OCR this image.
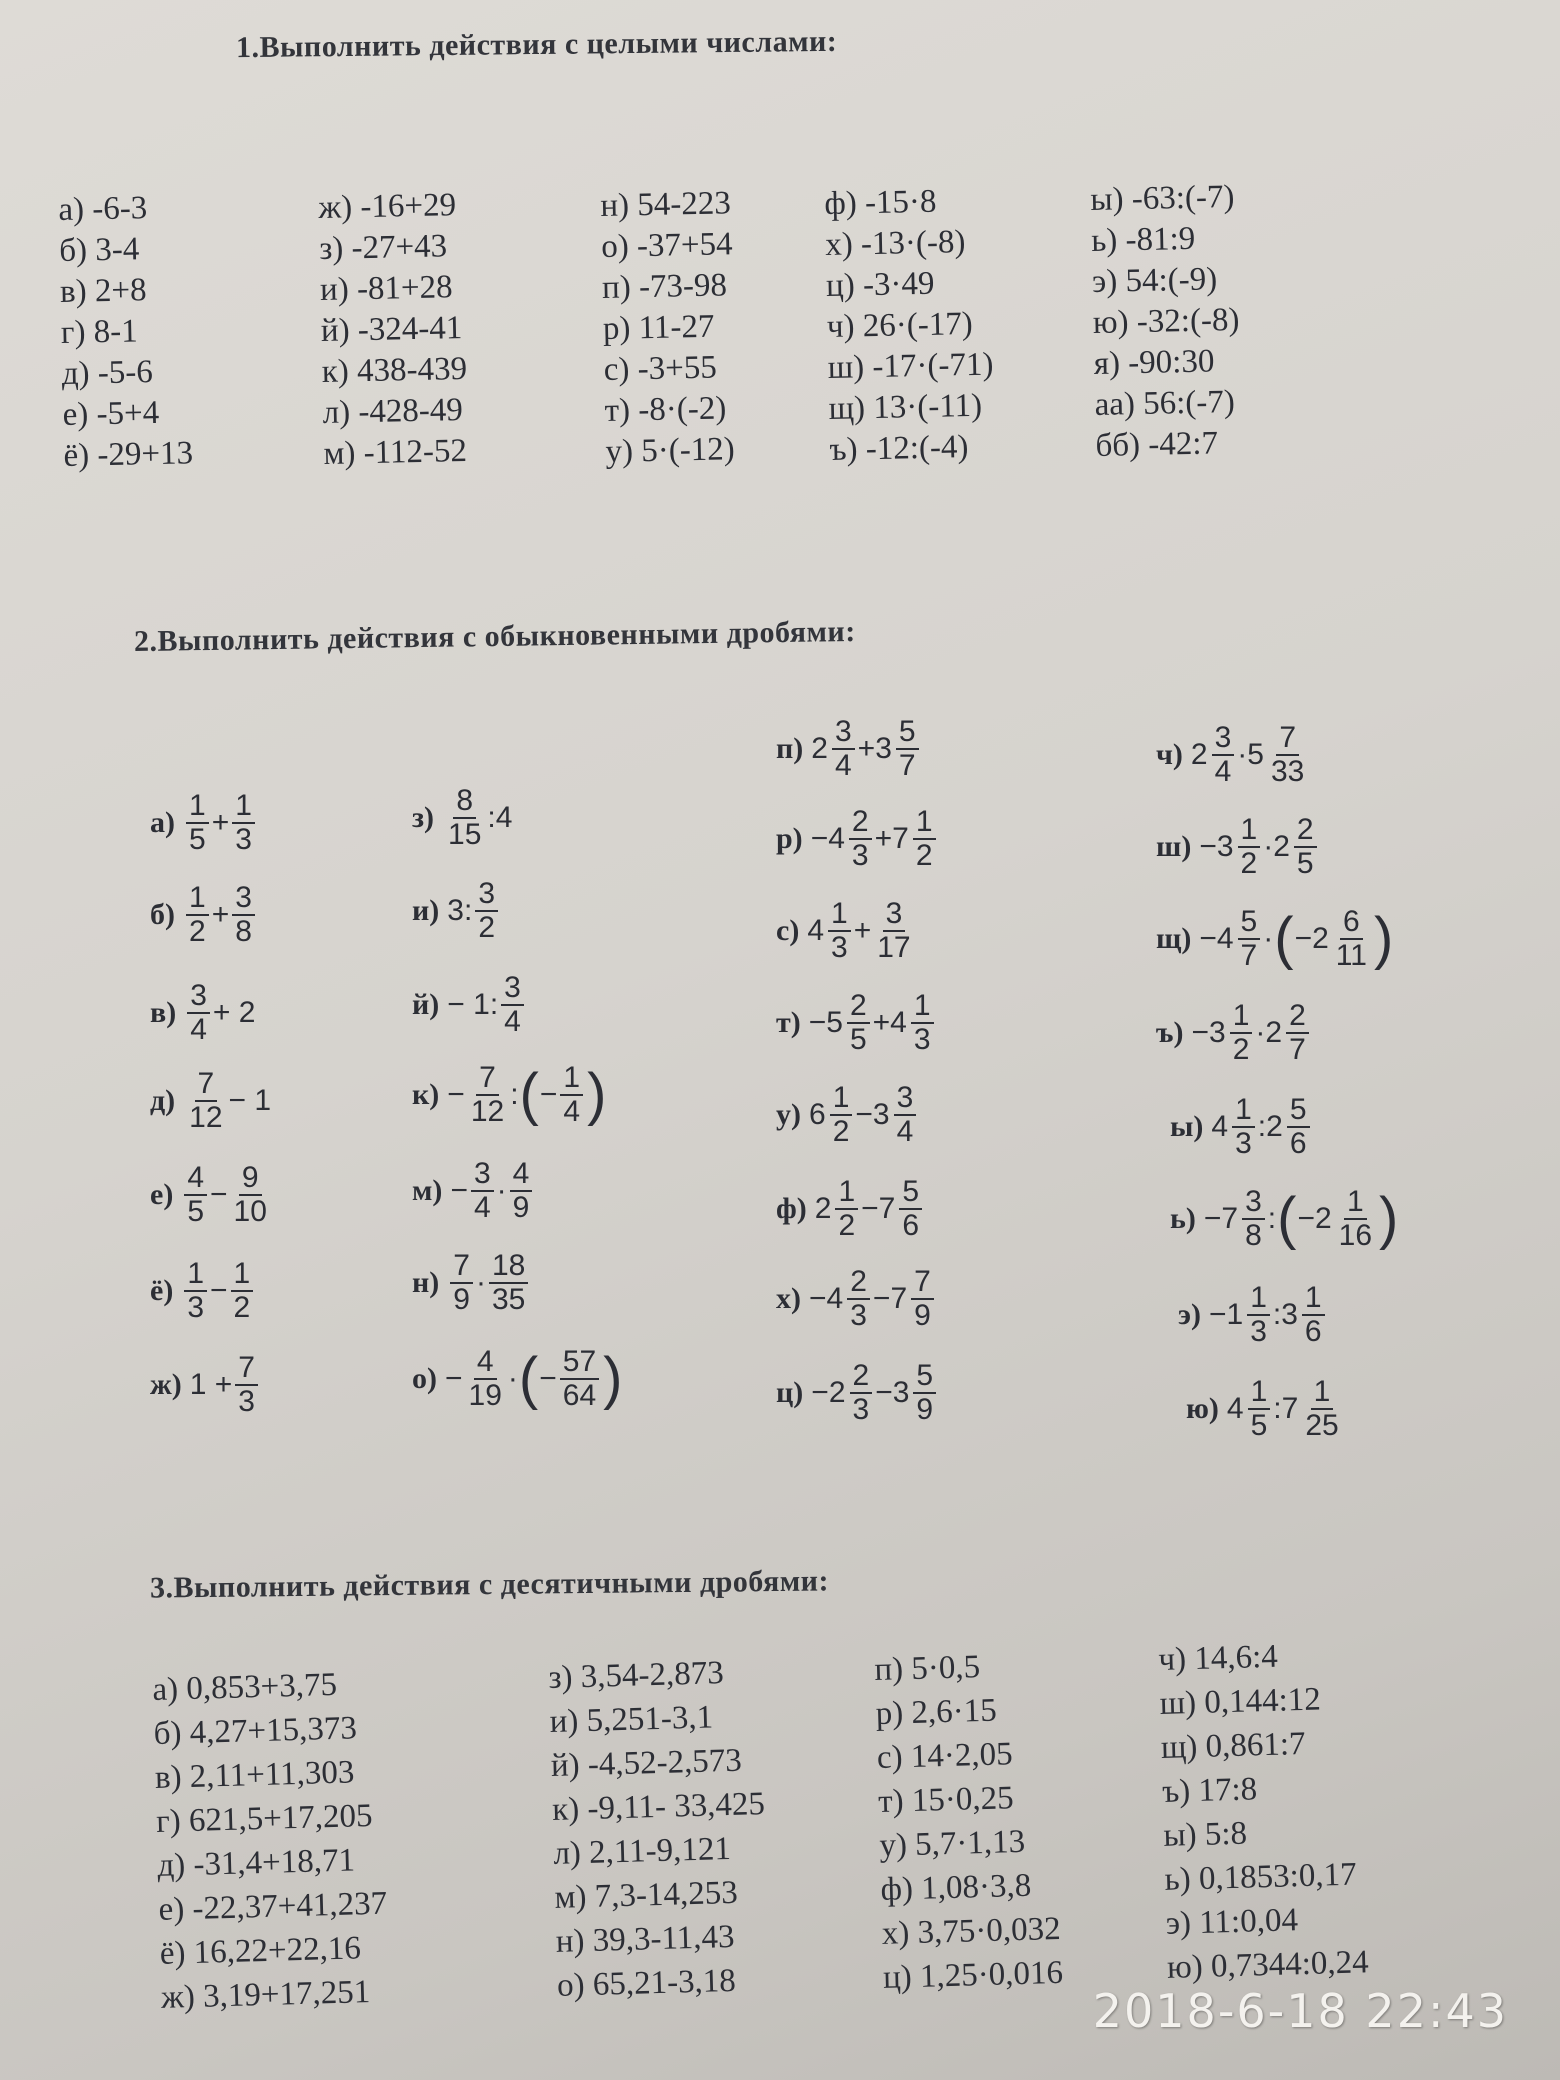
1.Выполнить действия с целыми числами:
а) -6-3
б) 3-4
в) 2+8
г) 8-1
д) -5-6
е) -5+4
ё) -29+13
ж) -16+29
з) -27+43
и) -81+28
й) -324-41
к) 438-439
л) -428-49
м) -112-52
н) 54-223
о) -37+54
п) -73-98
р) 11-27
с) -3+55
т) -8·(-2)
у) 5·(-12)
ф) -15·8
х) -13·(-8)
ц) -3·49
ч) 26·(-17)
ш) -17·(-71)
щ) 13·(-11)
ъ) -12:(-4)
ы) -63:(-7)
ь) -81:9
э) 54:(-9)
ю) -32:(-8)
я) -90:30
аа) 56:(-7)
бб) -42:7
2.Выполнить действия с обыкновенными дробями:
а) 1
5
+ $\frac{1}{3}$
б) 1
2
+ $\frac{3}{8}$
в) 3
4
+ 2
д) 7
12
− 1
е) 4
5
− $\frac{9}{10}$
ё) 1
3
− $\frac{1}{2}$
ж) $1 + \frac{7}{3}$
з) 8
15
:4
и) 3: 3
2
й) − 1: 3
4
$к) - \frac{7}{12}$ : ( − $\frac{1}{4}$ )
$м) - \frac{3}{4} \cdot 4$
9
н) 7
9
· 18
35
$о) - \frac{4}{19}$ · ( − $\frac{57}{64}$ )
п) 2 3
4
+ 3 5
7
р) − 4 2
3
+ 7 1
2
с) 4 1
3
+ $\frac{3}{17}$
т) − 5 2
5
+ 4 1
3
у) 6 1
2
− 3 3
4
ф) 2 1
2
− 7 5
6
х) − 4 2
3
− 7 7
9
ц) − 2 2
3
− 3 5
9
ч) 2 3
4
· 5 7
33
ш) − 3 1
2
· 2 2
5
щ) − 4 5
7
· ( − 2 6
11 )
ъ) − 3 1
2
· 2 2
7
ы) 4 1
3
: 2 5
6
ь) − 7 3
8
: ( − 2 1
16 )
э) − 1 1
3
: 3 1
6
ю) 4 1
5
: 7 1
25
3.Выполнить действия с десятичными дробями:
а) 0,853+3,75
б) 4,27+15,373
в) 2,11+11,303
г) 621,5+17,205
д) -31,4+18,71
е) -22,37+41,237
ё) 16,22+22,16
ж) 3,19+17,251
з) 3,54-2,873
и) 5,251-3,1
й) -4,52-2,573
к) -9,11- 33,425
л) 2,11-9,121
м) 7,3-14,253
н) 39,3-11,43
о) 65,21-3,18
п) 5·0,5
р) 2,6·15
с) 14·2,05
т) 15·0,25
у) 5,7·1,13
ф) 1,08·3,8
х) 3,75·0,032
ц) 1,25·0,016
ч) 14,6:4
ш) 0,144:12
щ) 0,861:7
ъ) 17:8
ы) 5:8
ь) 0,1853:0,17
э) 11:0,04
ю) 0,7344:0,24
2018-6-18 22:43
